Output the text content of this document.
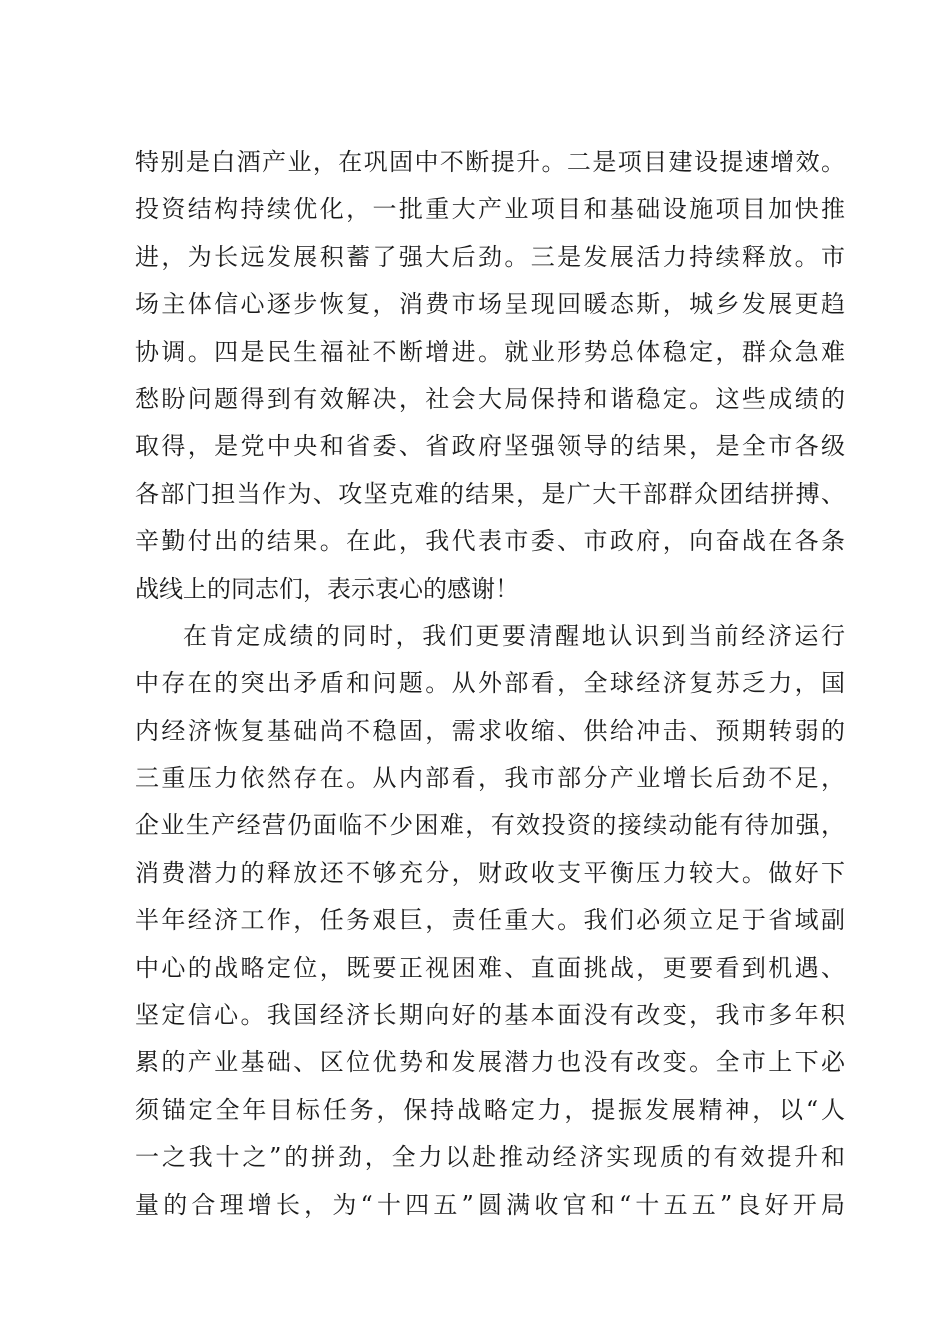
特别是白酒产业，在巩固中不断提升。二是项目建设提速增效。
投资结构持续优化，一批重大产业项目和基础设施项目加快推
进，为长远发展积蓄了强大后劲。三是发展活力持续释放。市
场主体信心逐步恢复，消费市场呈现回暖态斯，城乡发展更趋
协调。四是民生福祉不断增进。就业形势总体稳定，群众急难
愁盼问题得到有效解决，社会大局保持和谐稳定。这些成绩的
取得，是党中央和省委、省政府坚强领导的结果，是全市各级
各部门担当作为、攻坚克难的结果，是广大干部群众团结拼搏、
辛勤付出的结果。在此，我代表市委、市政府，向奋战在各条
战线上的同志们，表示衷心的感谢！
在肯定成绩的同时，我们更要清醒地认识到当前经济运行
中存在的突出矛盾和问题。从外部看，全球经济复苏乏力，国
内经济恢复基础尚不稳固，需求收缩、供给冲击、预期转弱的
三重压力依然存在。从内部看，我市部分产业增长后劲不足，
企业生产经营仍面临不少困难，有效投资的接续动能有待加强，
消费潜力的释放还不够充分，财政收支平衡压力较大。做好下
半年经济工作，任务艰巨，责任重大。我们必须立足于省域副
中心的战略定位，既要正视困难、直面挑战，更要看到机遇、
坚定信心。我国经济长期向好的基本面没有改变，我市多年积
累的产业基础、区位优势和发展潜力也没有改变。全市上下必
须锚定全年目标任务，保持战略定力，提振发展精神，以“人
一之我十之”的拼劲，全力以赴推动经济实现质的有效提升和
量的合理增长，为“十四五”圆满收官和“十五五”良好开局
